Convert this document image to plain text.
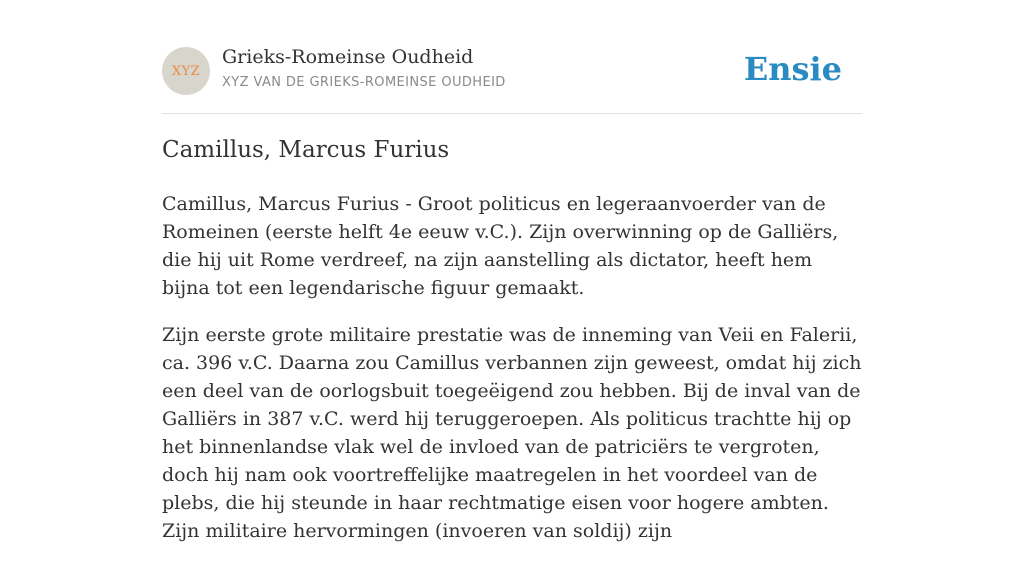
XYZ
Grieks-Romeinse Oudheid
XYZ VAN DE GRIEKS-ROMEINSE OUDHEID	Ensie
Camillus, Marcus Furius

Camillus, Marcus Furius - Groot politicus en legeraanvoerder van de Romeinen (eerste helft 4e eeuw v.C.). Zijn overwinning op de Galliërs, die hij uit Rome verdreef, na zijn aanstelling als dictator, heeft hem bijna tot een legendarische figuur gemaakt.

Zijn eerste grote militaire prestatie was de inneming van Veii en Falerii, ca. 396 v.C. Daarna zou Camillus verbannen zijn geweest, omdat hij zich een deel van de oorlogsbuit toegeëigend zou hebben. Bij de inval van de Galliërs in 387 v.C. werd hij teruggeroepen. Als politicus trachtte hij op het binnenlandse vlak wel de invloed van de patriciërs te vergroten, doch hij nam ook voortreffelijke maatregelen in het voordeel van de plebs, die hij steunde in haar rechtmatige eisen voor hogere ambten. Zijn militaire hervormingen (invoeren van soldij) zijn
